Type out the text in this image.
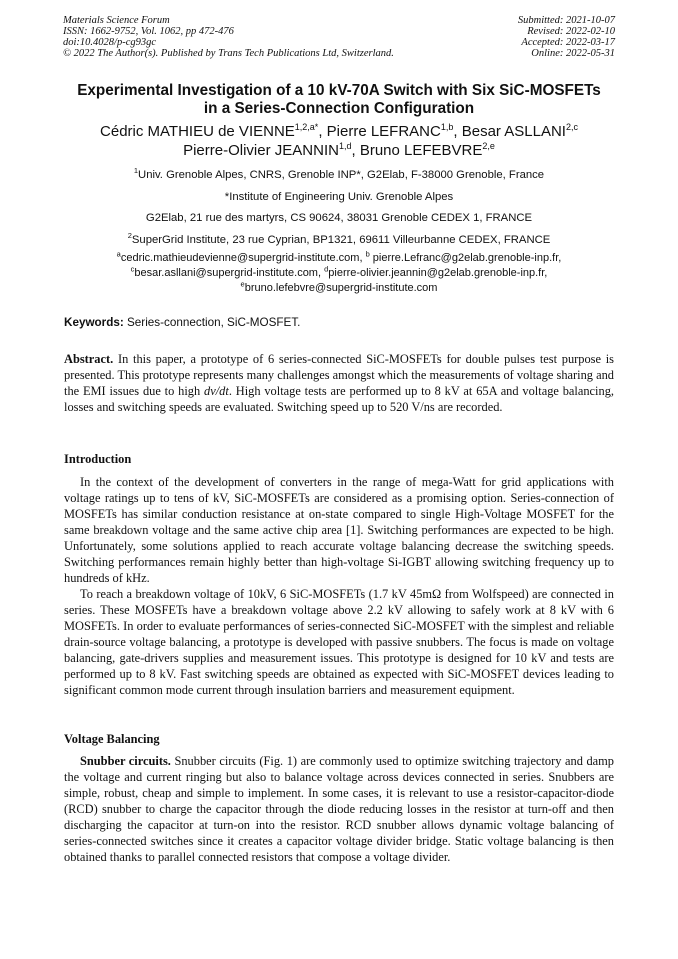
Materials Science Forum
ISSN: 1662-9752, Vol. 1062, pp 472-476
doi:10.4028/p-cg93gc
© 2022 The Author(s). Published by Trans Tech Publications Ltd, Switzerland.
Submitted: 2021-10-07
Revised: 2022-02-10
Accepted: 2022-03-17
Online: 2022-05-31
Experimental Investigation of a 10 kV-70A Switch with Six SiC-MOSFETs
in a Series-Connection Configuration
Cédric MATHIEU de $VIENNE^{1,2,a*}$, Pierre LEFRANC$^{1,b}$, Besar ASLLANI$^{2,c}$
Pierre-Olivier JEANNIN$^{1,d}$, Bruno LEFEBVRE$^{2,e}$
$^1$Univ. Grenoble Alpes, CNRS, Grenoble INP*, G2Elab, F-38000 Grenoble, France
*Institute of Engineering Univ. Grenoble Alpes
G2Elab, 21 rue des martyrs, CS 90624, 38031 Grenoble CEDEX 1, FRANCE
$^2$SuperGrid Institute, 23 rue Cyprian, BP1321, 69611 Villeurbanne CEDEX, FRANCE
$^a$cedric.mathieudevienne@supergrid-institute.com, $^b$ pierre.Lefranc@g2elab.grenoble-inp.fr,
$^c$besar.asllani@supergrid-institute.com, $^d$pierre-olivier.jeannin@g2elab.grenoble-inp.fr,
$^e$bruno.lefebvre@supergrid-institute.com
Keywords: Series-connection, SiC-MOSFET.

Abstract. In this paper, a prototype of 6 series-connected SiC-MOSFETs for double pulses test purpose is presented. This prototype represents many challenges amongst which the measurements of voltage sharing and the EMI issues due to high dv/dt. High voltage tests are performed up to 8 kV at 65A and voltage balancing, losses and switching speeds are evaluated. Switching speed up to 520 V/ns are recorded.

Introduction

In the context of the development of converters in the range of mega-Watt for grid applications with voltage ratings up to tens of kV, SiC-MOSFETs are considered as a promising option. Series-connection of MOSFETs has similar conduction resistance at on-state compared to single High-Voltage MOSFET for the same breakdown voltage and the same active chip area [1]. Switching performances are expected to be high. Unfortunately, some solutions applied to reach accurate voltage balancing decrease the switching speeds. Switching performances remain highly better than high-voltage Si-IGBT allowing switching frequency up to hundreds of kHz.

To reach a breakdown voltage of 10kV, 6 SiC-MOSFETs (1.7 kV 45mΩ from Wolfspeed) are connected in series. These MOSFETs have a breakdown voltage above 2.2 kV allowing to safely work at 8 kV with 6 MOSFETs. In order to evaluate performances of series-connected SiC-MOSFET with the simplest and reliable drain-source voltage balancing, a prototype is developed with passive snubbers. The focus is made on voltage balancing, gate-drivers supplies and measurement issues. This prototype is designed for 10 kV and tests are performed up to 8 kV. Fast switching speeds are obtained as expected with SiC-MOSFET devices leading to significant common mode current through insulation barriers and measurement equipment.

Voltage Balancing

Snubber circuits. Snubber circuits (Fig. 1) are commonly used to optimize switching trajectory and damp the voltage and current ringing but also to balance voltage across devices connected in series. Snubbers are simple, robust, cheap and simple to implement. In some cases, it is relevant to use a resistor-capacitor-diode (RCD) snubber to charge the capacitor through the diode reducing losses in the resistor at turn-off and then discharging the capacitor at turn-on into the resistor. RCD snubber allows dynamic voltage balancing of series-connected switches since it creates a capacitor voltage divider bridge. Static voltage balancing is then obtained thanks to parallel connected resistors that compose a voltage divider.
